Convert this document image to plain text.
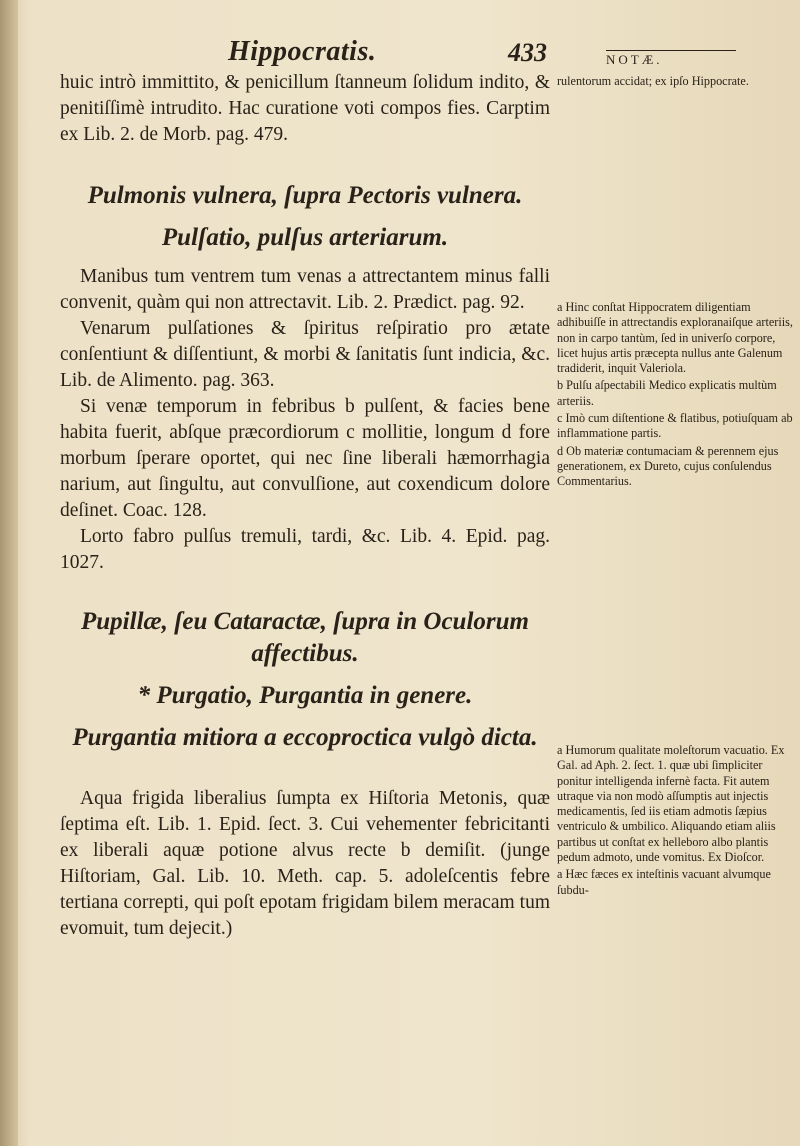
Hippocratis.	433	NOTÆ.

huic intrò immittito, & penicillum ſtanneum ſolidum indito, & penitiſſimè intrudito. Hac curatione voti compos fies. Carptim ex Lib. 2. de Morb. pag. 479.

Pulmonis vulnera, ſupra Pectoris vulnera.
Pulſatio, pulſus arteriarum.

Manibus tum ventrem tum venas a attrectantem minus falli convenit, quàm qui non attrectavit. Lib. 2. Prædict. pag. 92.

Venarum pulſationes & ſpiritus reſpiratio pro ætate conſentiunt & diſſentiunt, & morbi & ſanitatis ſunt indicia, &c. Lib. de Alimento. pag. 363.

Si venæ temporum in febribus b pulſent, & facies bene habita fuerit, abſque præcordiorum c mollitie, longum d fore morbum ſperare oportet, qui nec ſine liberali hæmorrhagia narium, aut ſingultu, aut convulſione, aut coxendicum dolore deſinet. Coac. 128.

Lorto fabro pulſus tremuli, tardi, &c. Lib. 4. Epid. pag. 1027.

Pupillæ, ſeu Cataractæ, ſupra in Oculorum affectibus.
* Purgatio, Purgantia in genere.
Purgantia mitiora a eccoproctica vulgò dicta.

Aqua frigida liberalius ſumpta ex Hiſtoria Metonis, quæ ſeptima eſt. Lib. 1. Epid. ſect. 3. Cui vehementer febricitanti ex liberali aquæ potione alvus recte b demiſit. (junge Hiſtoriam, Gal. Lib. 10. Meth. cap. 5. adoleſcentis febre tertiana correpti, qui poſt epotam frigidam bilem meracam tum evomuit, tum dejecit.)

rulentorum accidat; ex ipſo Hippocrate.

a Hinc conſtat Hippocratem diligentiam adhibuiſſe in attrectandis exploranaiſque arteriis, non in carpo tantùm, ſed in univerſo corpore, licet hujus artis præcepta nullus ante Galenum tradiderit, inquit Valeriola.

b Pulſu aſpectabili Medico explicatis multùm arteriis.

c Imò cum diſtentione & flatibus, potiuſquam ab inflammatione partis.

d Ob materiæ contumaciam & perennem ejus generationem, ex Dureto, cujus conſulendus Commentarius.

a Humorum qualitate moleſtorum vacuatio. Ex Gal. ad Aph. 2. ſect. 1. quæ ubi ſimpliciter ponitur intelligenda infernè facta. Fit autem utraque via non modò aſſumptis aut injectis medicamentis, ſed iis etiam admotis ſæpius ventriculo & umbilico. Aliquando etiam aliis partibus ut conſtat ex helleboro albo plantis pedum admoto, unde vomitus. Ex Dioſcor.

a Hæc fæces ex inteſtinis vacuant alvumque ſubdu-
